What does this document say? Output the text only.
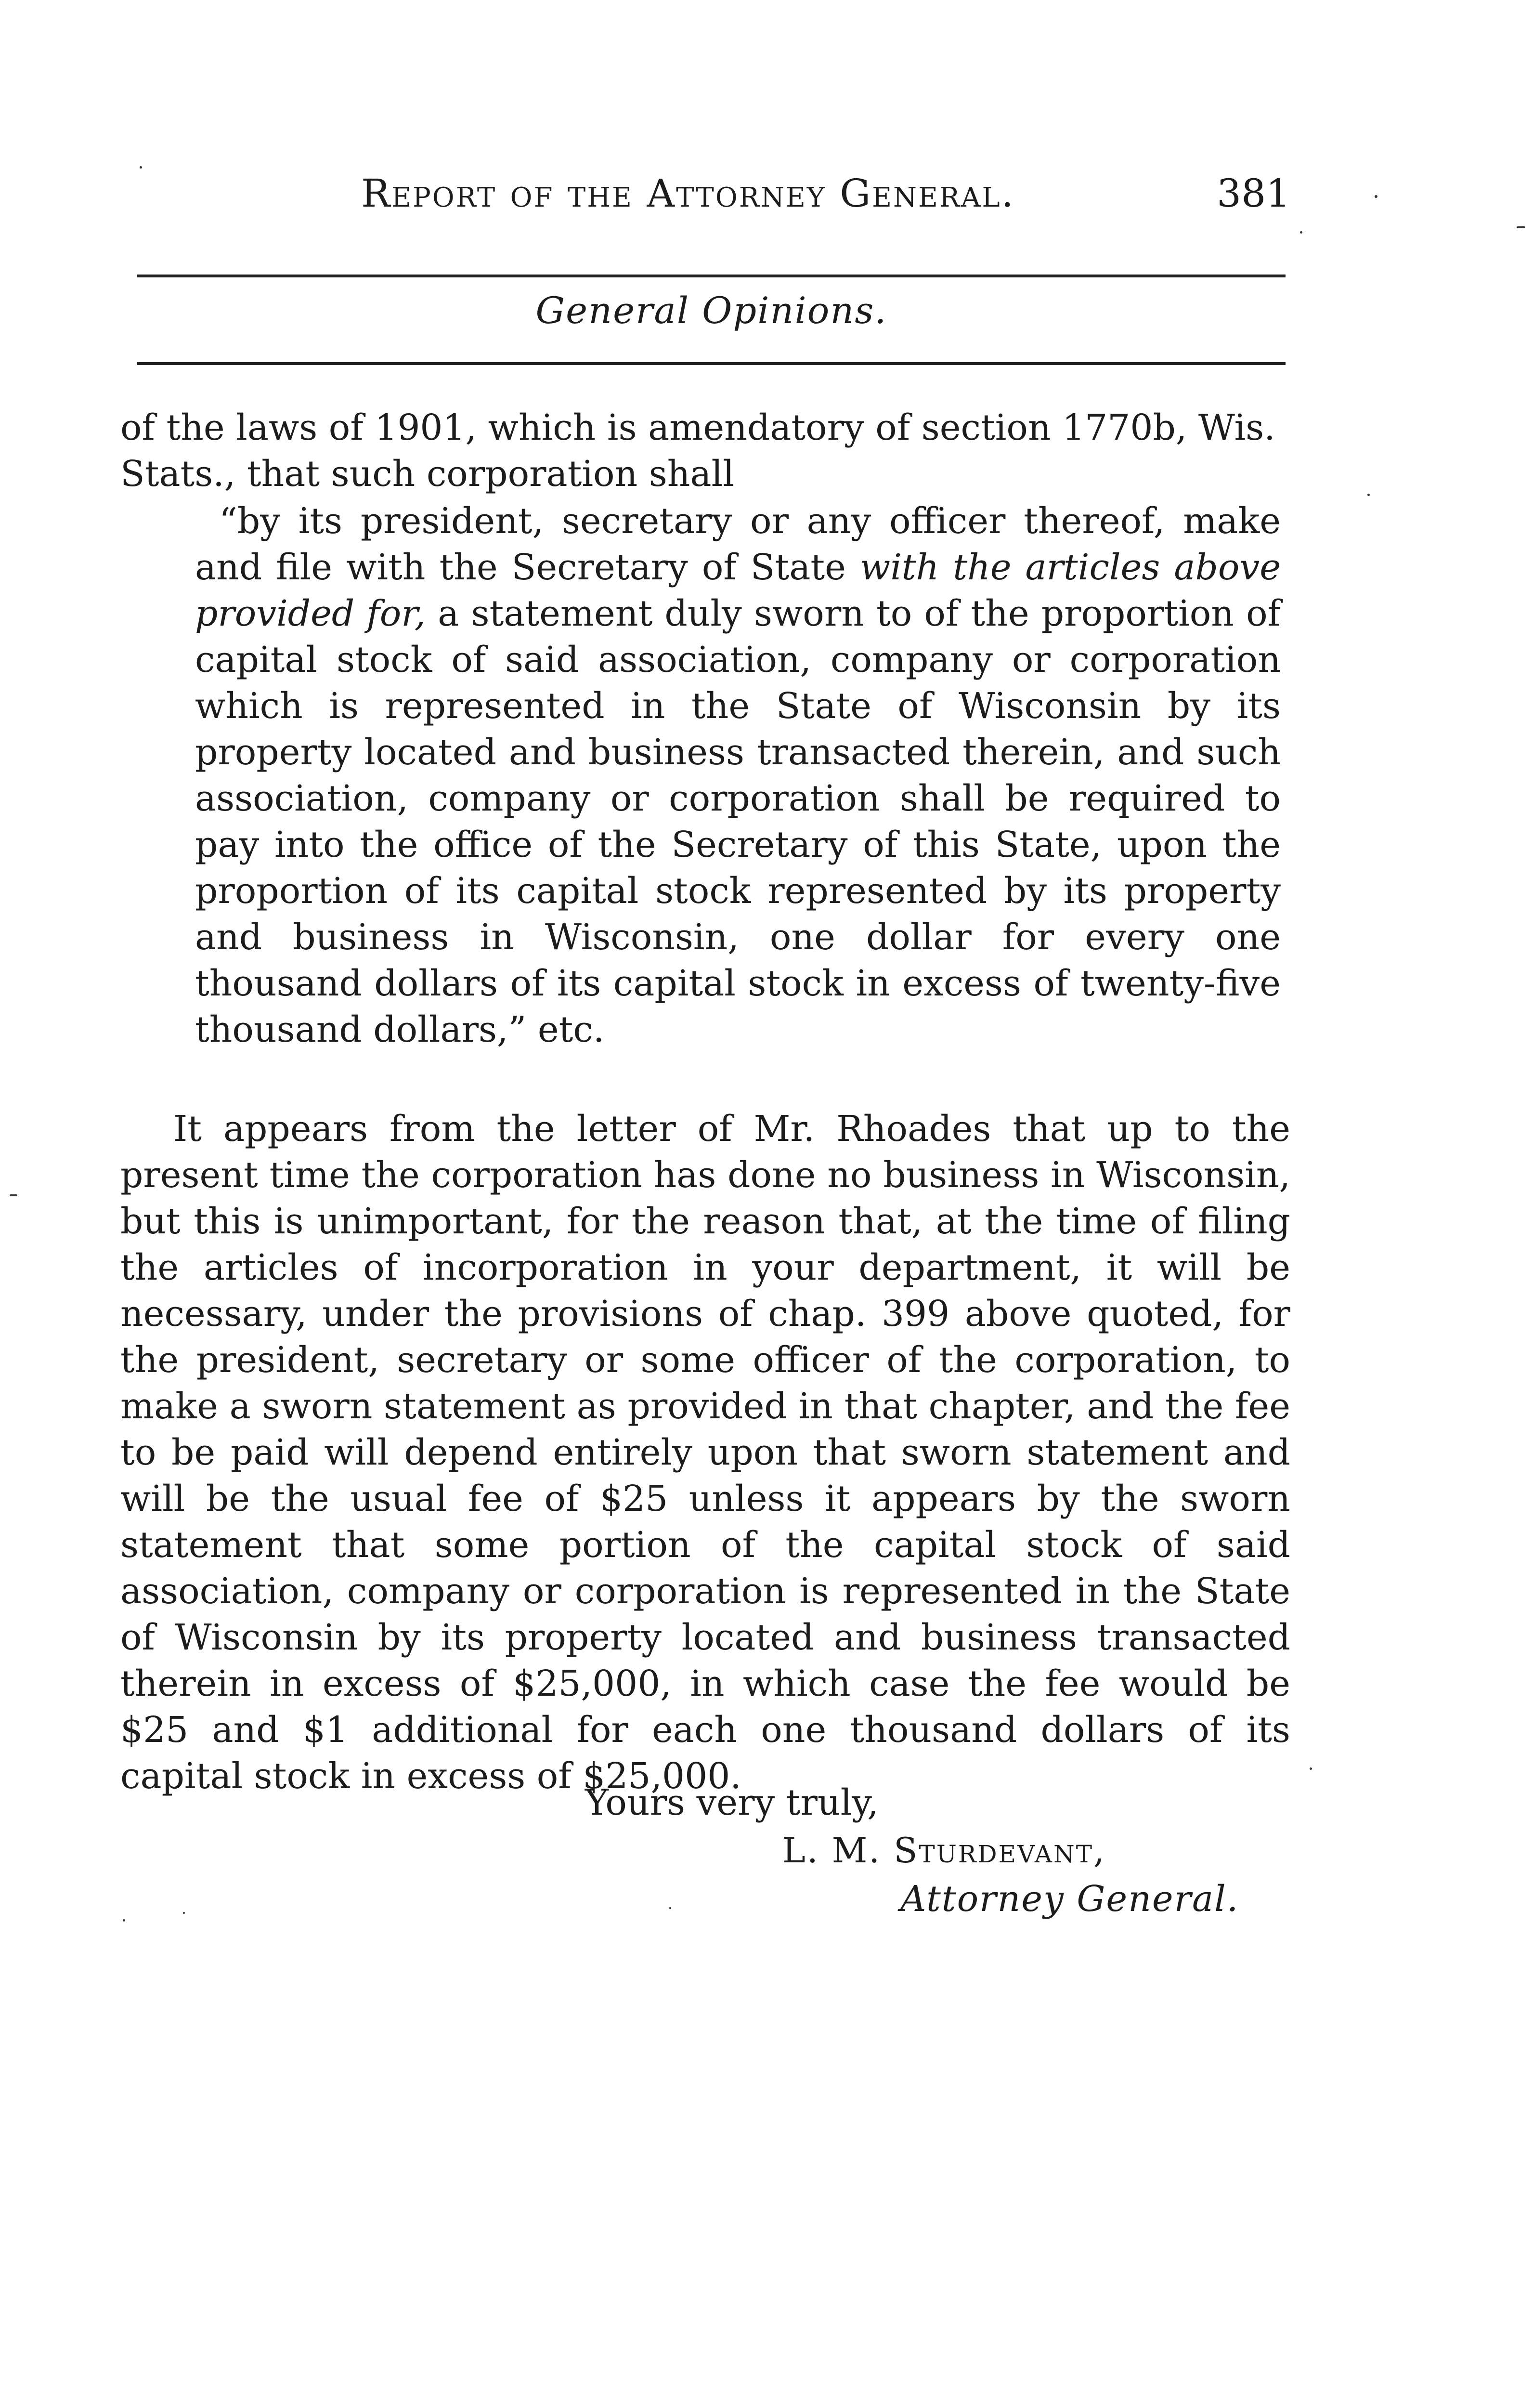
Report of the Attorney General.	381
General Opinions.

of the laws of 1901, which is amendatory of section 1770b, Wis. Stats., that such corporation shall

“by its president, secretary or any officer thereof, make and file with the Secretary of State with the articles above provided for, a statement duly sworn to of the proportion of capital stock of said association, company or corporation which is represented in the State of Wisconsin by its property located and business transacted therein, and such association, company or corporation shall be required to pay into the office of the Secretary of this State, upon the proportion of its capital stock represented by its property and business in Wisconsin, one dollar for every one thousand dollars of its capital stock in excess of twenty-five thousand dollars,” etc.

It appears from the letter of Mr. Rhoades that up to the present time the corporation has done no business in Wisconsin, but this is unimportant, for the reason that, at the time of filing the articles of incorporation in your department, it will be necessary, under the provisions of chap. 399 above quoted, for the president, secretary or some officer of the corporation, to make a sworn statement as provided in that chapter, and the fee to be paid will depend entirely upon that sworn statement and will be the usual fee of $25 unless it appears by the sworn statement that some portion of the capital stock of said association, company or corporation is represented in the State of Wisconsin by its property located and business transacted therein in excess of $25,000, in which case the fee would be $25 and $1 additional for each one thousand dollars of its capital stock in excess of $25,000.

Yours very truly,
L. M. Sturdevant,
Attorney General.
